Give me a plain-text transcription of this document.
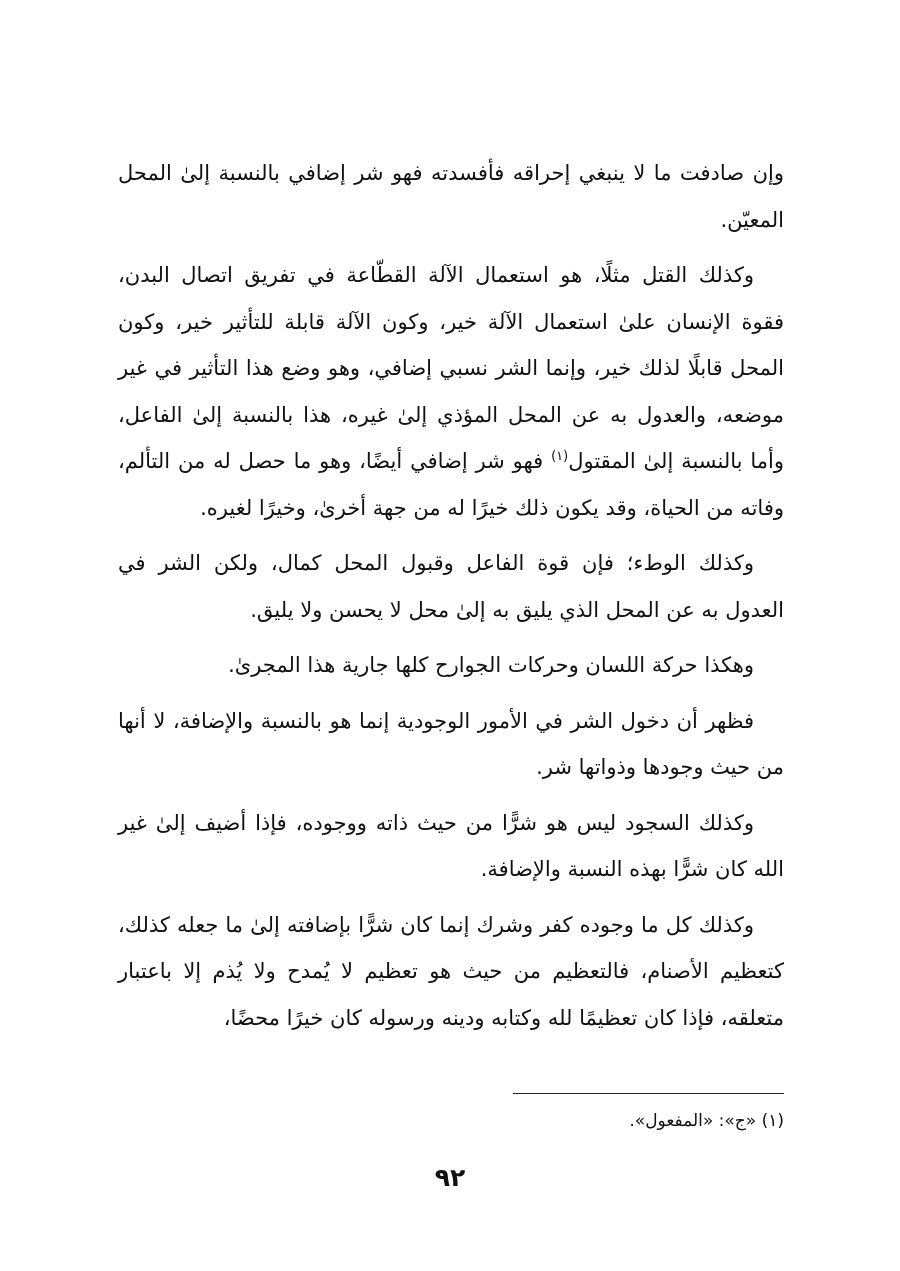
وإن صادفت ما لا ينبغي إحراقه فأفسدته فهو شر إضافي بالنسبة إلىٰ المحل المعيّن.

وكذلك القتل مثلًا، هو استعمال الآلة القطّاعة في تفريق اتصال البدن، فقوة الإنسان علىٰ استعمال الآلة خير، وكون الآلة قابلة للتأثير خير، وكون المحل قابلًا لذلك خير، وإنما الشر نسبي إضافي، وهو وضع هذا التأثير في غير موضعه، والعدول به عن المحل المؤذي إلىٰ غيره، هذا بالنسبة إلىٰ الفاعل، وأما بالنسبة إلىٰ المقتول$^{(١)}$ فهو شر إضافي أيضًا، وهو ما حصل له من التألم، وفاته من الحياة، وقد يكون ذلك خيرًا له من جهة أخرىٰ، وخيرًا لغيره.

وكذلك الوطء؛ فإن قوة الفاعل وقبول المحل كمال، ولكن الشر في العدول به عن المحل الذي يليق به إلىٰ محل لا يحسن ولا يليق.

وهكذا حركة اللسان وحركات الجوارح كلها جارية هذا المجرىٰ.

فظهر أن دخول الشر في الأمور الوجودية إنما هو بالنسبة والإضافة، لا أنها من حيث وجودها وذواتها شر.

وكذلك السجود ليس هو شرًّا من حيث ذاته ووجوده، فإذا أضيف إلىٰ غير الله كان شرًّا بهذه النسبة والإضافة.

وكذلك كل ما وجوده كفر وشرك إنما كان شرًّا بإضافته إلىٰ ما جعله كذلك، كتعظيم الأصنام، فالتعظيم من حيث هو تعظيم لا يُمدح ولا يُذم إلا باعتبار متعلقه، فإذا كان تعظيمًا لله وكتابه ودينه ورسوله كان خيرًا محضًا،

(١) «ج»: «المفعول».
٩٢
